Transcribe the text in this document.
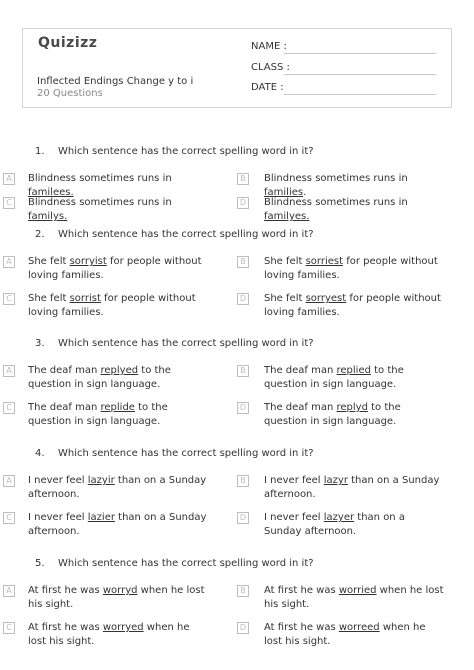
Quizizz
Inflected Endings Change y to i
20 Questions
NAME :
CLASS :
DATE :
1. Which sentence has the correct spelling word in it?
A	Blindness sometimes runs in familees.
B	Blindness sometimes runs in families.
C	Blindness sometimes runs in familys.
D Blindness sometimes runs in familyes.
2. Which sentence has the correct spelling word in it?
A	She felt sorryist for people without loving families.
B	She felt sorriest for people without loving families.
C	She felt sorrist for people without loving families.
D She felt sorryest for people without loving families.
3. Which sentence has the correct spelling word in it?
A	The deaf man replyed to the question in sign language.
B	The deaf man replied to the question in sign language.
C	The deaf man replide to the question in sign language.
D The deaf man replyd to the question in sign language.
4. Which sentence has the correct spelling word in it?
A	I never feel lazyir than on a Sunday afternoon.
B	I never feel lazyr than on a Sunday afternoon.
C	I never feel lazier than on a Sunday afternoon.
D I never feel lazyer than on a Sunday afternoon.
5. Which sentence has the correct spelling word in it?
A	At first he was worryd when he lost his sight.
B	At first he was worried when he lost his sight.
C	At first he was worryed when he lost his sight.
D At first he was worreed when he lost his sight.
